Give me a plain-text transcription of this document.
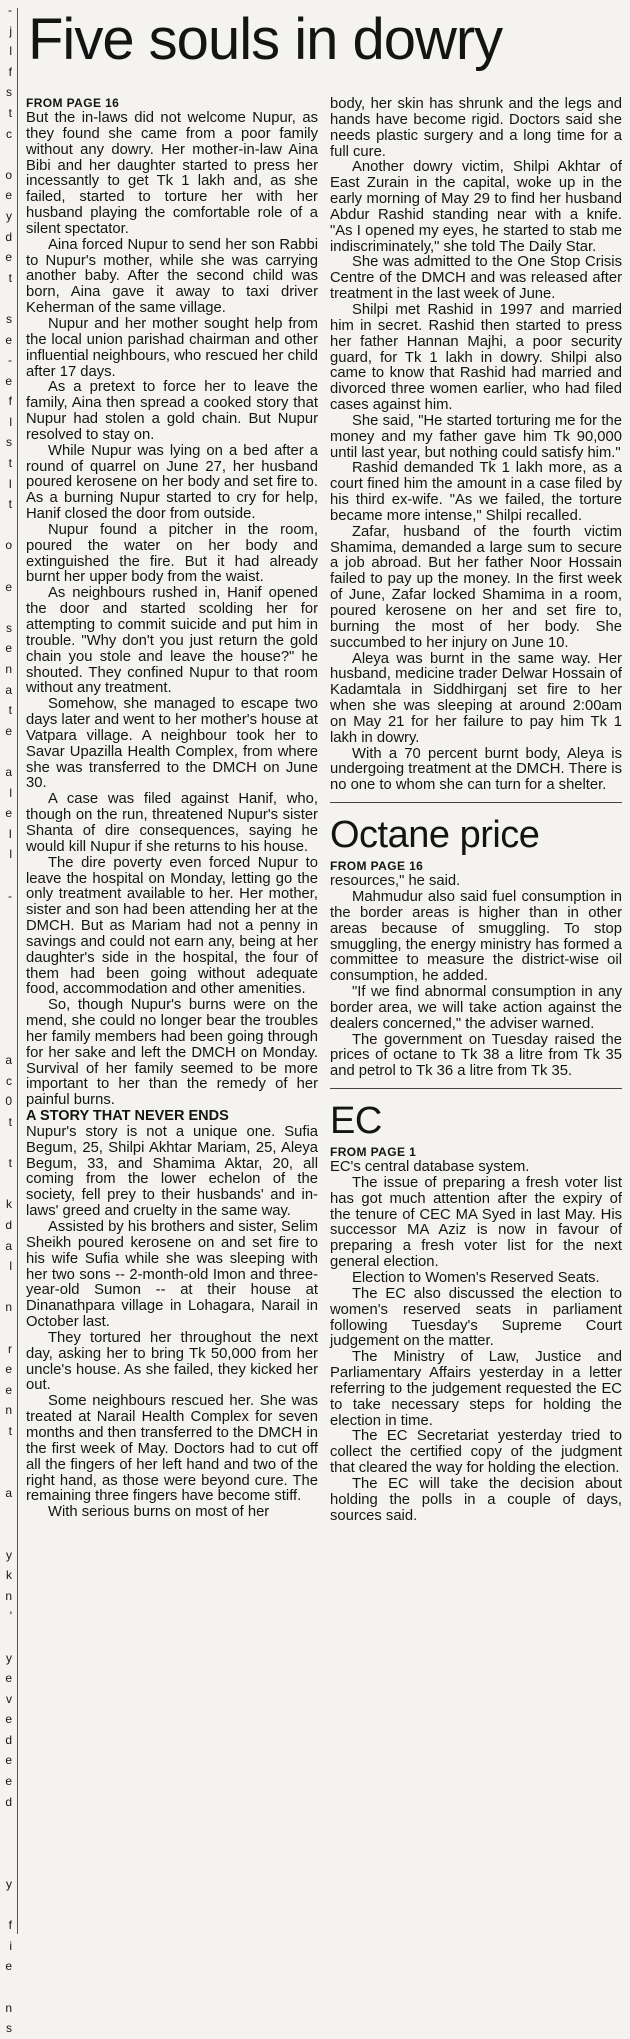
-
j
l
f
s
t
c
o
e
y
d
e
t
s
e
-
e
f
l
s
t
I
t
o
e
s
e
n
a
t
e
a
l
e
I
l
-
a
c
0
t
t
k
d
a
l
n
r
e
e
n
t
a
y
k
n
'
y
e
v
e
d
e
e
d
y
f
i
e
n
s
Five souls in dowry
FROM PAGE 16

But the in-laws did not welcome Nupur, as they found she came from a poor family without any dowry. Her mother-in-law Aina Bibi and her daughter started to press her incessantly to get Tk 1 lakh and, as she failed, started to torture her with her husband playing the comfortable role of a silent spectator.

Aina forced Nupur to send her son Rabbi to Nupur's mother, while she was carrying another baby. After the second child was born, Aina gave it away to taxi driver Keherman of the same village.

Nupur and her mother sought help from the local union parishad chairman and other influential neighbours, who rescued her child after 17 days.

As a pretext to force her to leave the family, Aina then spread a cooked story that Nupur had stolen a gold chain. But Nupur resolved to stay on.

While Nupur was lying on a bed after a round of quarrel on June 27, her husband poured kerosene on her body and set fire to. As a burning Nupur started to cry for help, Hanif closed the door from outside.

Nupur found a pitcher in the room, poured the water on her body and extinguished the fire. But it had already burnt her upper body from the waist.

As neighbours rushed in, Hanif opened the door and started scolding her for attempting to commit suicide and put him in trouble. "Why don't you just return the gold chain you stole and leave the house?" he shouted. They confined Nupur to that room without any treatment.

Somehow, she managed to escape two days later and went to her mother's house at Vatpara village. A neighbour took her to Savar Upazilla Health Complex, from where she was transferred to the DMCH on June 30.

A case was filed against Hanif, who, though on the run, threatened Nupur's sister Shanta of dire consequences, saying he would kill Nupur if she returns to his house.

The dire poverty even forced Nupur to leave the hospital on Monday, letting go the only treatment available to her. Her mother, sister and son had been attending her at the DMCH. But as Mariam had not a penny in savings and could not earn any, being at her daughter's side in the hospital, the four of them had been going without adequate food, accommodation and other amenities.

So, though Nupur's burns were on the mend, she could no longer bear the troubles her family members had been going through for her sake and left the DMCH on Monday. Survival of her family seemed to be more important to her than the remedy of her painful burns.

A STORY THAT NEVER ENDS

Nupur's story is not a unique one. Sufia Begum, 25, Shilpi Akhtar Mariam, 25, Aleya Begum, 33, and Shamima Aktar, 20, all coming from the lower echelon of the society, fell prey to their husbands' and in-laws' greed and cruelty in the same way.

Assisted by his brothers and sister, Selim Sheikh poured kerosene on and set fire to his wife Sufia while she was sleeping with her two sons -- 2-month-old Imon and three-year-old Sumon -- at their house at Dinanathpara village in Lohagara, Narail in October last.

They tortured her throughout the next day, asking her to bring Tk 50,000 from her uncle's house. As she failed, they kicked her out.

Some neighbours rescued her. She was treated at Narail Health Complex for seven months and then transferred to the DMCH in the first week of May. Doctors had to cut off all the fingers of her left hand and two of the right hand, as those were beyond cure. The remaining three fingers have become stiff.

With serious burns on most of her

body, her skin has shrunk and the legs and hands have become rigid. Doctors said she needs plastic surgery and a long time for a full cure.

Another dowry victim, Shilpi Akhtar of East Zurain in the capital, woke up in the early morning of May 29 to find her husband Abdur Rashid standing near with a knife. "As I opened my eyes, he started to stab me indiscriminately," she told The Daily Star.

She was admitted to the One Stop Crisis Centre of the DMCH and was released after treatment in the last week of June.

Shilpi met Rashid in 1997 and married him in secret. Rashid then started to press her father Hannan Majhi, a poor security guard, for Tk 1 lakh in dowry. Shilpi also came to know that Rashid had married and divorced three women earlier, who had filed cases against him.

She said, "He started torturing me for the money and my father gave him Tk 90,000 until last year, but nothing could satisfy him."

Rashid demanded Tk 1 lakh more, as a court fined him the amount in a case filed by his third ex-wife. "As we failed, the torture became more intense," Shilpi recalled.

Zafar, husband of the fourth victim Shamima, demanded a large sum to secure a job abroad. But her father Noor Hossain failed to pay up the money. In the first week of June, Zafar locked Shamima in a room, poured kerosene on her and set fire to, burning the most of her body. She succumbed to her injury on June 10.

Aleya was burnt in the same way. Her husband, medicine trader Delwar Hossain of Kadamtala in Siddhirganj set fire to her when she was sleeping at around 2:00am on May 21 for her failure to pay him Tk 1 lakh in dowry.

With a 70 percent burnt body, Aleya is undergoing treatment at the DMCH. There is no one to whom she can turn for a shelter.

Octane price
FROM PAGE 16

resources," he said.

Mahmudur also said fuel consumption in the border areas is higher than in other areas because of smuggling. To stop smuggling, the energy ministry has formed a committee to measure the district-wise oil consumption, he added.

"If we find abnormal consumption in any border area, we will take action against the dealers concerned," the adviser warned.

The government on Tuesday raised the prices of octane to Tk 38 a litre from Tk 35 and petrol to Tk 36 a litre from Tk 35.

EC
FROM PAGE 1

EC's central database system.

The issue of preparing a fresh voter list has got much attention after the expiry of the tenure of CEC MA Syed in last May. His successor MA Aziz is now in favour of preparing a fresh voter list for the next general election.

Election to Women's Reserved Seats.

The EC also discussed the election to women's reserved seats in parliament following Tuesday's Supreme Court judgement on the matter.

The Ministry of Law, Justice and Parliamentary Affairs yesterday in a letter referring to the judgement requested the EC to take necessary steps for holding the election in time.

The EC Secretariat yesterday tried to collect the certified copy of the judgment that cleared the way for holding the election.

The EC will take the decision about holding the polls in a couple of days, sources said.
